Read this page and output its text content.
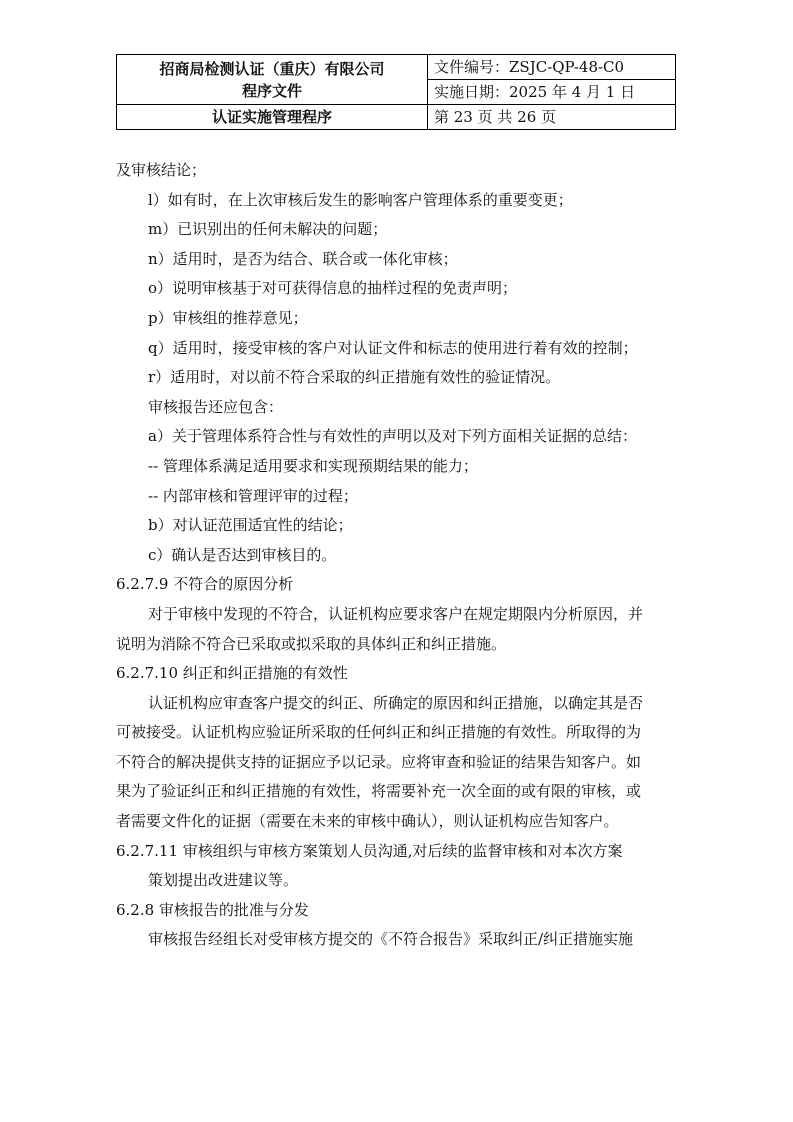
招商局检测认证（重庆）有限公司
程序文件	文件编号：ZSJC-QP-48-C0
	实施日期：2025 年 4 月 1 日
认证实施管理程序	第 23 页 共 26 页
及审核结论；
l）如有时，在上次审核后发生的影响客户管理体系的重要变更；
m）已识别出的任何未解决的问题；
n）适用时，是否为结合、联合或一体化审核；
o）说明审核基于对可获得信息的抽样过程的免责声明；
p）审核组的推荐意见；
q）适用时，接受审核的客户对认证文件和标志的使用进行着有效的控制；
r）适用时，对以前不符合采取的纠正措施有效性的验证情况。
审核报告还应包含：
a）关于管理体系符合性与有效性的声明以及对下列方面相关证据的总结：
-- 管理体系满足适用要求和实现预期结果的能力；
-- 内部审核和管理评审的过程；
b）对认证范围适宜性的结论；
c）确认是否达到审核目的。
6.2.7.9 不符合的原因分析
对于审核中发现的不符合，认证机构应要求客户在规定期限内分析原因，并
说明为消除不符合已采取或拟采取的具体纠正和纠正措施。
6.2.7.10 纠正和纠正措施的有效性
认证机构应审查客户提交的纠正、所确定的原因和纠正措施，以确定其是否
可被接受。认证机构应验证所采取的任何纠正和纠正措施的有效性。所取得的为
不符合的解决提供支持的证据应予以记录。应将审查和验证的结果告知客户。如
果为了验证纠正和纠正措施的有效性，将需要补充一次全面的或有限的审核，或
者需要文件化的证据（需要在未来的审核中确认），则认证机构应告知客户。
6.2.7.11 审核组织与审核方案策划人员沟通,对后续的监督审核和对本次方案
策划提出改进建议等。
6.2.8 审核报告的批准与分发
审核报告经组长对受审核方提交的《不符合报告》采取纠正/纠正措施实施
